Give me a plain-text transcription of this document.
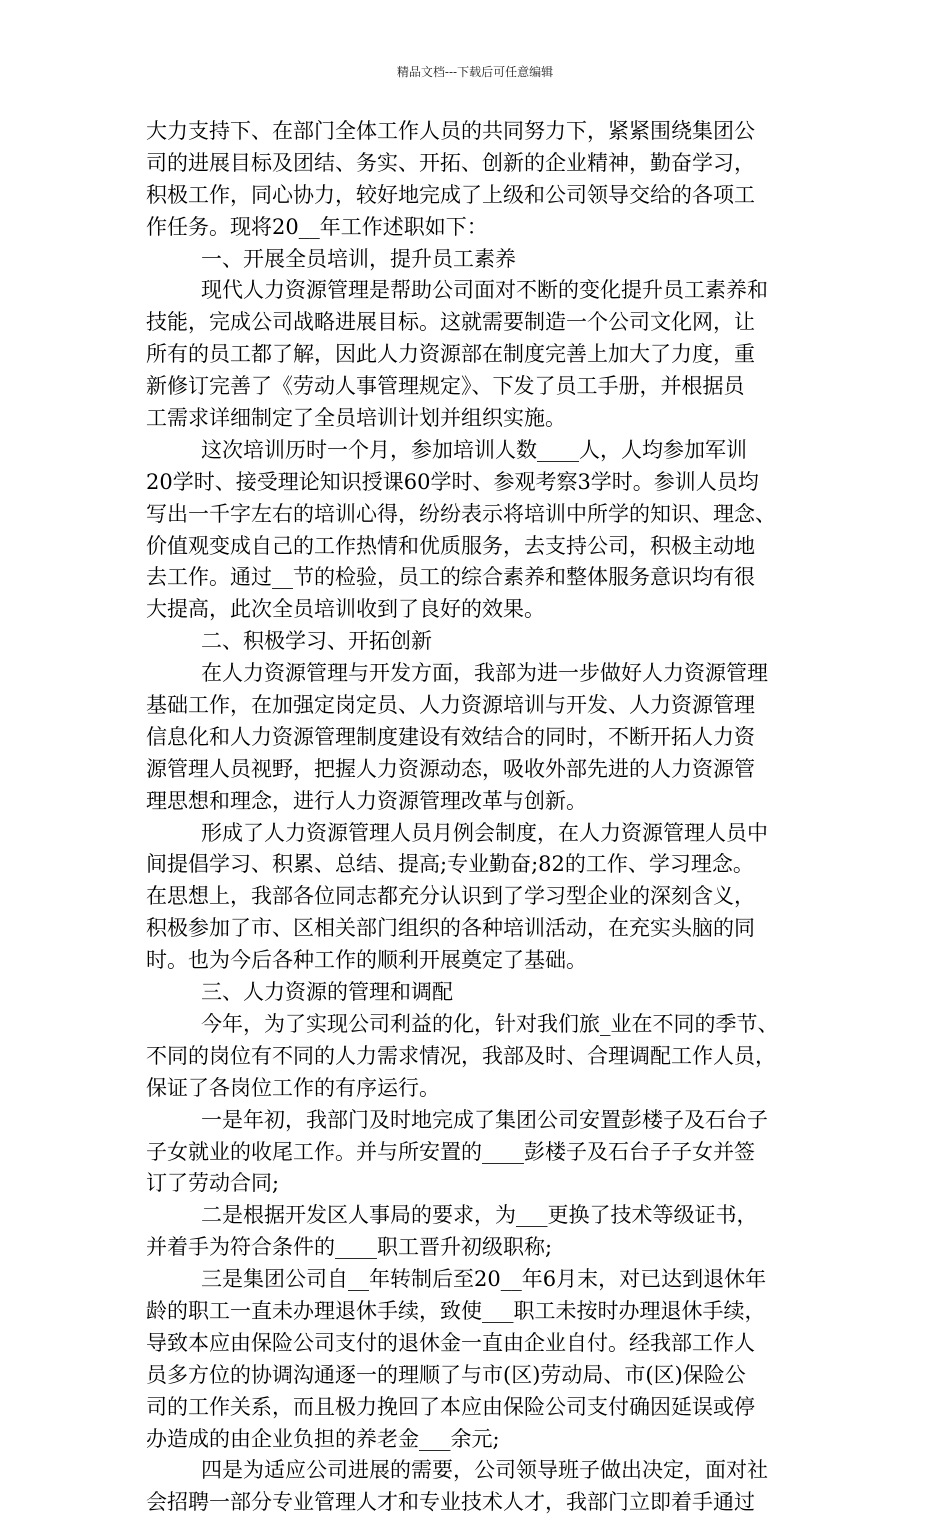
精品文档---下载后可任意编辑
大力支持下、在部门全体工作人员的共同努力下，紧紧围绕集团公
司的进展目标及团结、务实、开拓、创新的企业精神，勤奋学习，
积极工作，同心协力，较好地完成了上级和公司领导交给的各项工
作任务。现将20__年工作述职如下：
一、开展全员培训，提升员工素养
现代人力资源管理是帮助公司面对不断的变化提升员工素养和
技能，完成公司战略进展目标。这就需要制造一个公司文化网，让
所有的员工都了解，因此人力资源部在制度完善上加大了力度，重
新修订完善了《劳动人事管理规定》、下发了员工手册，并根据员
工需求详细制定了全员培训计划并组织实施。
这次培训历时一个月，参加培训人数____人，人均参加军训
20学时、接受理论知识授课60学时、参观考察3学时。参训人员均
写出一千字左右的培训心得，纷纷表示将培训中所学的知识、理念、
价值观变成自己的工作热情和优质服务，去支持公司，积极主动地
去工作。通过__节的检验，员工的综合素养和整体服务意识均有很
大提高，此次全员培训收到了良好的效果。
二、积极学习、开拓创新
在人力资源管理与开发方面，我部为进一步做好人力资源管理
基础工作，在加强定岗定员、人力资源培训与开发、人力资源管理
信息化和人力资源管理制度建设有效结合的同时，不断开拓人力资
源管理人员视野，把握人力资源动态，吸收外部先进的人力资源管
理思想和理念，进行人力资源管理改革与创新。
形成了人力资源管理人员月例会制度，在人力资源管理人员中
间提倡学习、积累、总结、提高;专业勤奋;82的工作、学习理念。
在思想上，我部各位同志都充分认识到了学习型企业的深刻含义，
积极参加了市、区相关部门组织的各种培训活动，在充实头脑的同
时。也为今后各种工作的顺利开展奠定了基础。
三、人力资源的管理和调配
今年，为了实现公司利益的化，针对我们旅_业在不同的季节、
不同的岗位有不同的人力需求情况，我部及时、合理调配工作人员，
保证了各岗位工作的有序运行。
一是年初，我部门及时地完成了集团公司安置彭楼子及石台子
子女就业的收尾工作。并与所安置的____彭楼子及石台子子女并签
订了劳动合同;
二是根据开发区人事局的要求，为___更换了技术等级证书，
并着手为符合条件的____职工晋升初级职称;
三是集团公司自__年转制后至20__年6月末，对已达到退休年
龄的职工一直未办理退休手续，致使___职工未按时办理退休手续，
导致本应由保险公司支付的退休金一直由企业自付。经我部工作人
员多方位的协调沟通逐一的理顺了与市(区)劳动局、市(区)保险公
司的工作关系，而且极力挽回了本应由保险公司支付确因延误或停
办造成的由企业负担的养老金___余元;
四是为适应公司进展的需要，公司领导班子做出决定，面对社
会招聘一部分专业管理人才和专业技术人才，我部门立即着手通过
